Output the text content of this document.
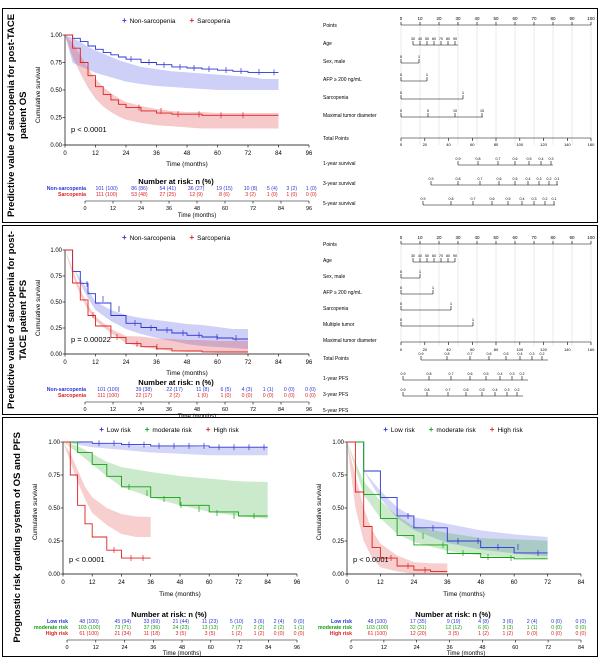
Predictive value of sarcopenia for post-TACE patient OS
+ Non-sarcopenia + Sarcopenia
Cumulative survival
0.00
0.25
0.50
0.75
1.00
0	12	24	36	48	60	72	84	96
Time (months)
p < 0.0001
Number at risk: n (%)
Non-sarcopenia	101 (100)	86 (86)	54 (41)	36 (27)	19 (15)	10 (8)	5 (4)	3 (2)	1 (0)
Sarcopenia	111 (100)	53 (48)	27 (25)	12 (9)	8 (6)	3 (2)	1 (0)	1 (0)	0 (0)
0	12	24	36	48	60	72	84	96
Time (months)
Points
Age
Sex, male
AFP ≥ 200 ng/mL
Sarcopenia
Maximal tumor diameter
Total Points
1-year survival
3-year survival
5-year survival
0	10	20	30	40	50	60	70	80	90	100
30 40 50 60 70 80 90
0	1
0	1
0	1
0	5	10	15
0	20	40	60	80	100	120	140	160
0.9	0.8	0.7	0.6	0.5 0.4 0.3
0.9	0.8	0.7	0.6	0.5 0.4 0.3 0.2 0.1
0.9	0.8	0.7	0.6	0.5	0.4 0.3 0.2 0.1
Predictive value of sarcopenia for post-TACE patient PFS
+ Non-sarcopenia + Sarcopenia
Cumulative survival
0.00
0.25
0.50
0.75
1.00
0	12	24	36	48	60	72	84	96
Time (months)
p = 0.00022
Number at risk: n (%)
Non-sarcopenia	101 (100)	39 (38)	22 (17)	11 (8)	6 (5)	4 (3)	1 (1)	0 (0)	0 (0)
Sarcopenia	111 (100)	22 (17)	2 (2)	1 (0)	1 (0)	0 (0)	0 (0)	0 (0)	0 (0)
0	12	24	36	48	60	72	84	96
Points
Age
Sex, male
AFP ≥ 200 ng/mL
Sarcopenia
Multiple tumor
Maximal tumor diameter
Total Points
1-year PFS
3-year PFS
5-year PFS
0	10	20	30	40	50	60	70	80	90	100
30 40 50 60 70 80 90
0	1
0	1
0	1
0	1
0	20	40	60	80	100	120	140	160
0.9	0.8	0.7	0.6	0.5	0.4 0.3 0.2
0.9	0.8	0.7	0.6	0.5	0.4 0.3 0.2
0.9	0.8	0.7	0.6	0.5 0.4 0.3 0.2
Prognostic risk grading system of OS and PFS
+ Low risk + moderate risk + High risk
Cumulative survival
0.00
0.25
0.50
0.75
1.00
0	12	24	36	48	60	72	84	96
Time (months)
p < 0.0001
Number at risk: n (%)
Low risk	48 (100)	45 (94)	33 (69)	21 (44)	11 (23)	5 (10)	3 (6)	2 (4)	0 (0)
moderate risk	103 (100)	73 (71)	37 (36)	24 (23)	13 (13)	7 (7)	2 (2)	2 (2)	1 (1)
High risk	61 (100)	21 (34)	11 (18)	3 (5)	3 (5)	1 (2)	1 (2)	0 (0)	0 (0)
0	12	24	36	48	60	72	84	96
Time (months)
+ Low risk + moderate risk + High risk
Cumulative survival
0.00
0.25
0.50
0.75
1.00
0	12	24	36	48	60	72	84
Time (months)
p < 0.0001
Number at risk: n (%)
Low risk	48 (100)	17 (35)	9 (19)	4 (8)	3 (6)	2 (4)	0 (0)	0 (0)
moderate risk	103 (100)	32 (31)	12 (12)	6 (6)	3 (3)	1 (1)	0 (0)	0 (0)
High risk	61 (100)	12 (20)	3 (5)	1 (2)	1 (2)	0 (0)	0 (0)	0 (0)
0	12	24	36	48	60	72	84
Time (months)
